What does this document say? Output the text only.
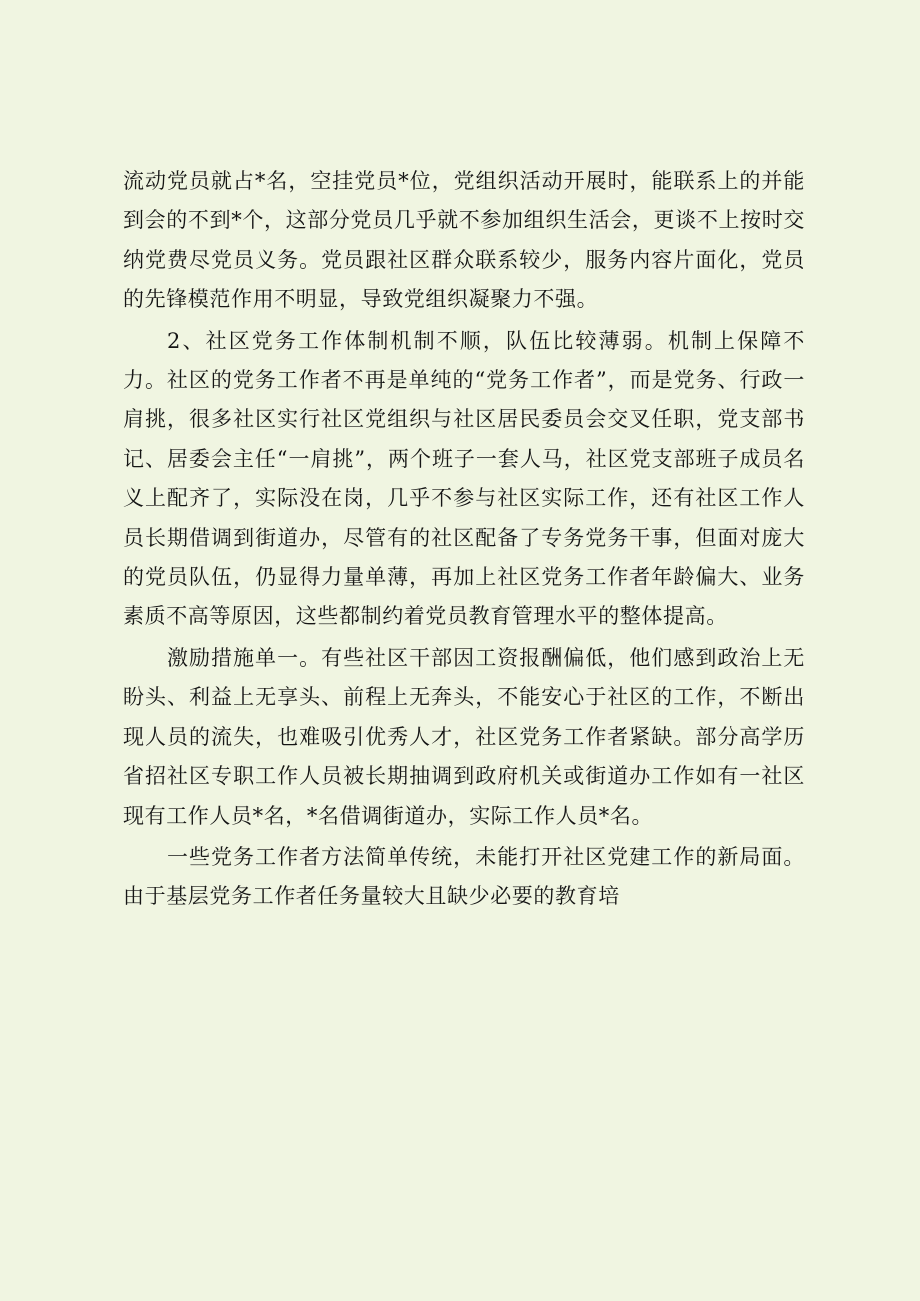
流动党员就占*名，空挂党员*位，党组织活动开展时，能联系上的并能到会的不到*个，这部分党员几乎就不参加组织生活会，更谈不上按时交纳党费尽党员义务。党员跟社区群众联系较少，服务内容片面化，党员的先锋模范作用不明显，导致党组织凝聚力不强。

2、社区党务工作体制机制不顺，队伍比较薄弱。机制上保障不力。社区的党务工作者不再是单纯的“党务工作者”，而是党务、行政一肩挑，很多社区实行社区党组织与社区居民委员会交叉任职，党支部书记、居委会主任“一肩挑”，两个班子一套人马，社区党支部班子成员名义上配齐了，实际没在岗，几乎不参与社区实际工作，还有社区工作人员长期借调到街道办，尽管有的社区配备了专务党务干事，但面对庞大的党员队伍，仍显得力量单薄，再加上社区党务工作者年龄偏大、业务素质不高等原因，这些都制约着党员教育管理水平的整体提高。

激励措施单一。有些社区干部因工资报酬偏低，他们感到政治上无盼头、利益上无享头、前程上无奔头，不能安心于社区的工作，不断出现人员的流失，也难吸引优秀人才，社区党务工作者紧缺。部分高学历省招社区专职工作人员被长期抽调到政府机关或街道办工作如有一社区现有工作人员*名，*名借调街道办，实际工作人员*名。

一些党务工作者方法简单传统，未能打开社区党建工作的新局面。由于基层党务工作者任务量较大且缺少必要的教育培
